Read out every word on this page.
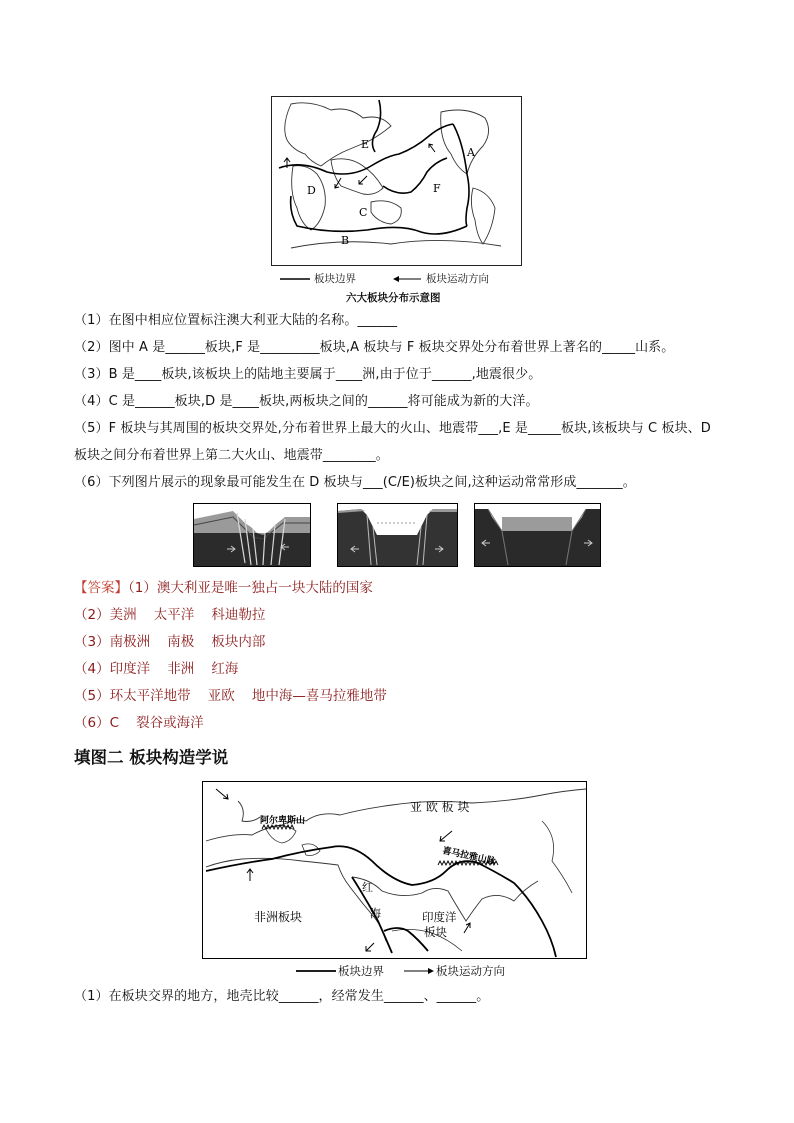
A
B
C
D
E
F
板块边界	板块运动方向
六大板块分布示意图
（1）在图中相应位置标注澳大利亚大陆的名称。______
（2）图中 A 是______板块,F 是_________板块,A 板块与 F 板块交界处分布着世界上著名的_____山系。
（3）B 是____板块,该板块上的陆地主要属于____洲,由于位于______,地震很少。
（4）C 是______板块,D 是____板块,两板块之间的______将可能成为新的大洋。
（5）F 板块与其周围的板块交界处,分布着世界上最大的火山、地震带___,E 是_____板块,该板块与 C 板块、D
板块之间分布着世界上第二大火山、地震带________。
（6）下列图片展示的现象最可能发生在 D 板块与___(C/E)板块之间,这种运动常常形成_______。
【答案】（1）澳大利亚是唯一独占一块大陆的国家
（2）美洲    太平洋    科迪勒拉
（3）南极洲    南极    板块内部
（4）印度洋    非洲    红海
（5）环太平洋地带    亚欧    地中海—喜马拉雅地带
（6）C    裂谷或海洋
填图二 板块构造学说
亚 欧 板 块
非洲板块	印度洋
板块
阿尔卑斯山
喜马拉雅山脉
红
海
板块边界	板块运动方向
（1）在板块交界的地方，地壳比较______，经常发生______、______。
